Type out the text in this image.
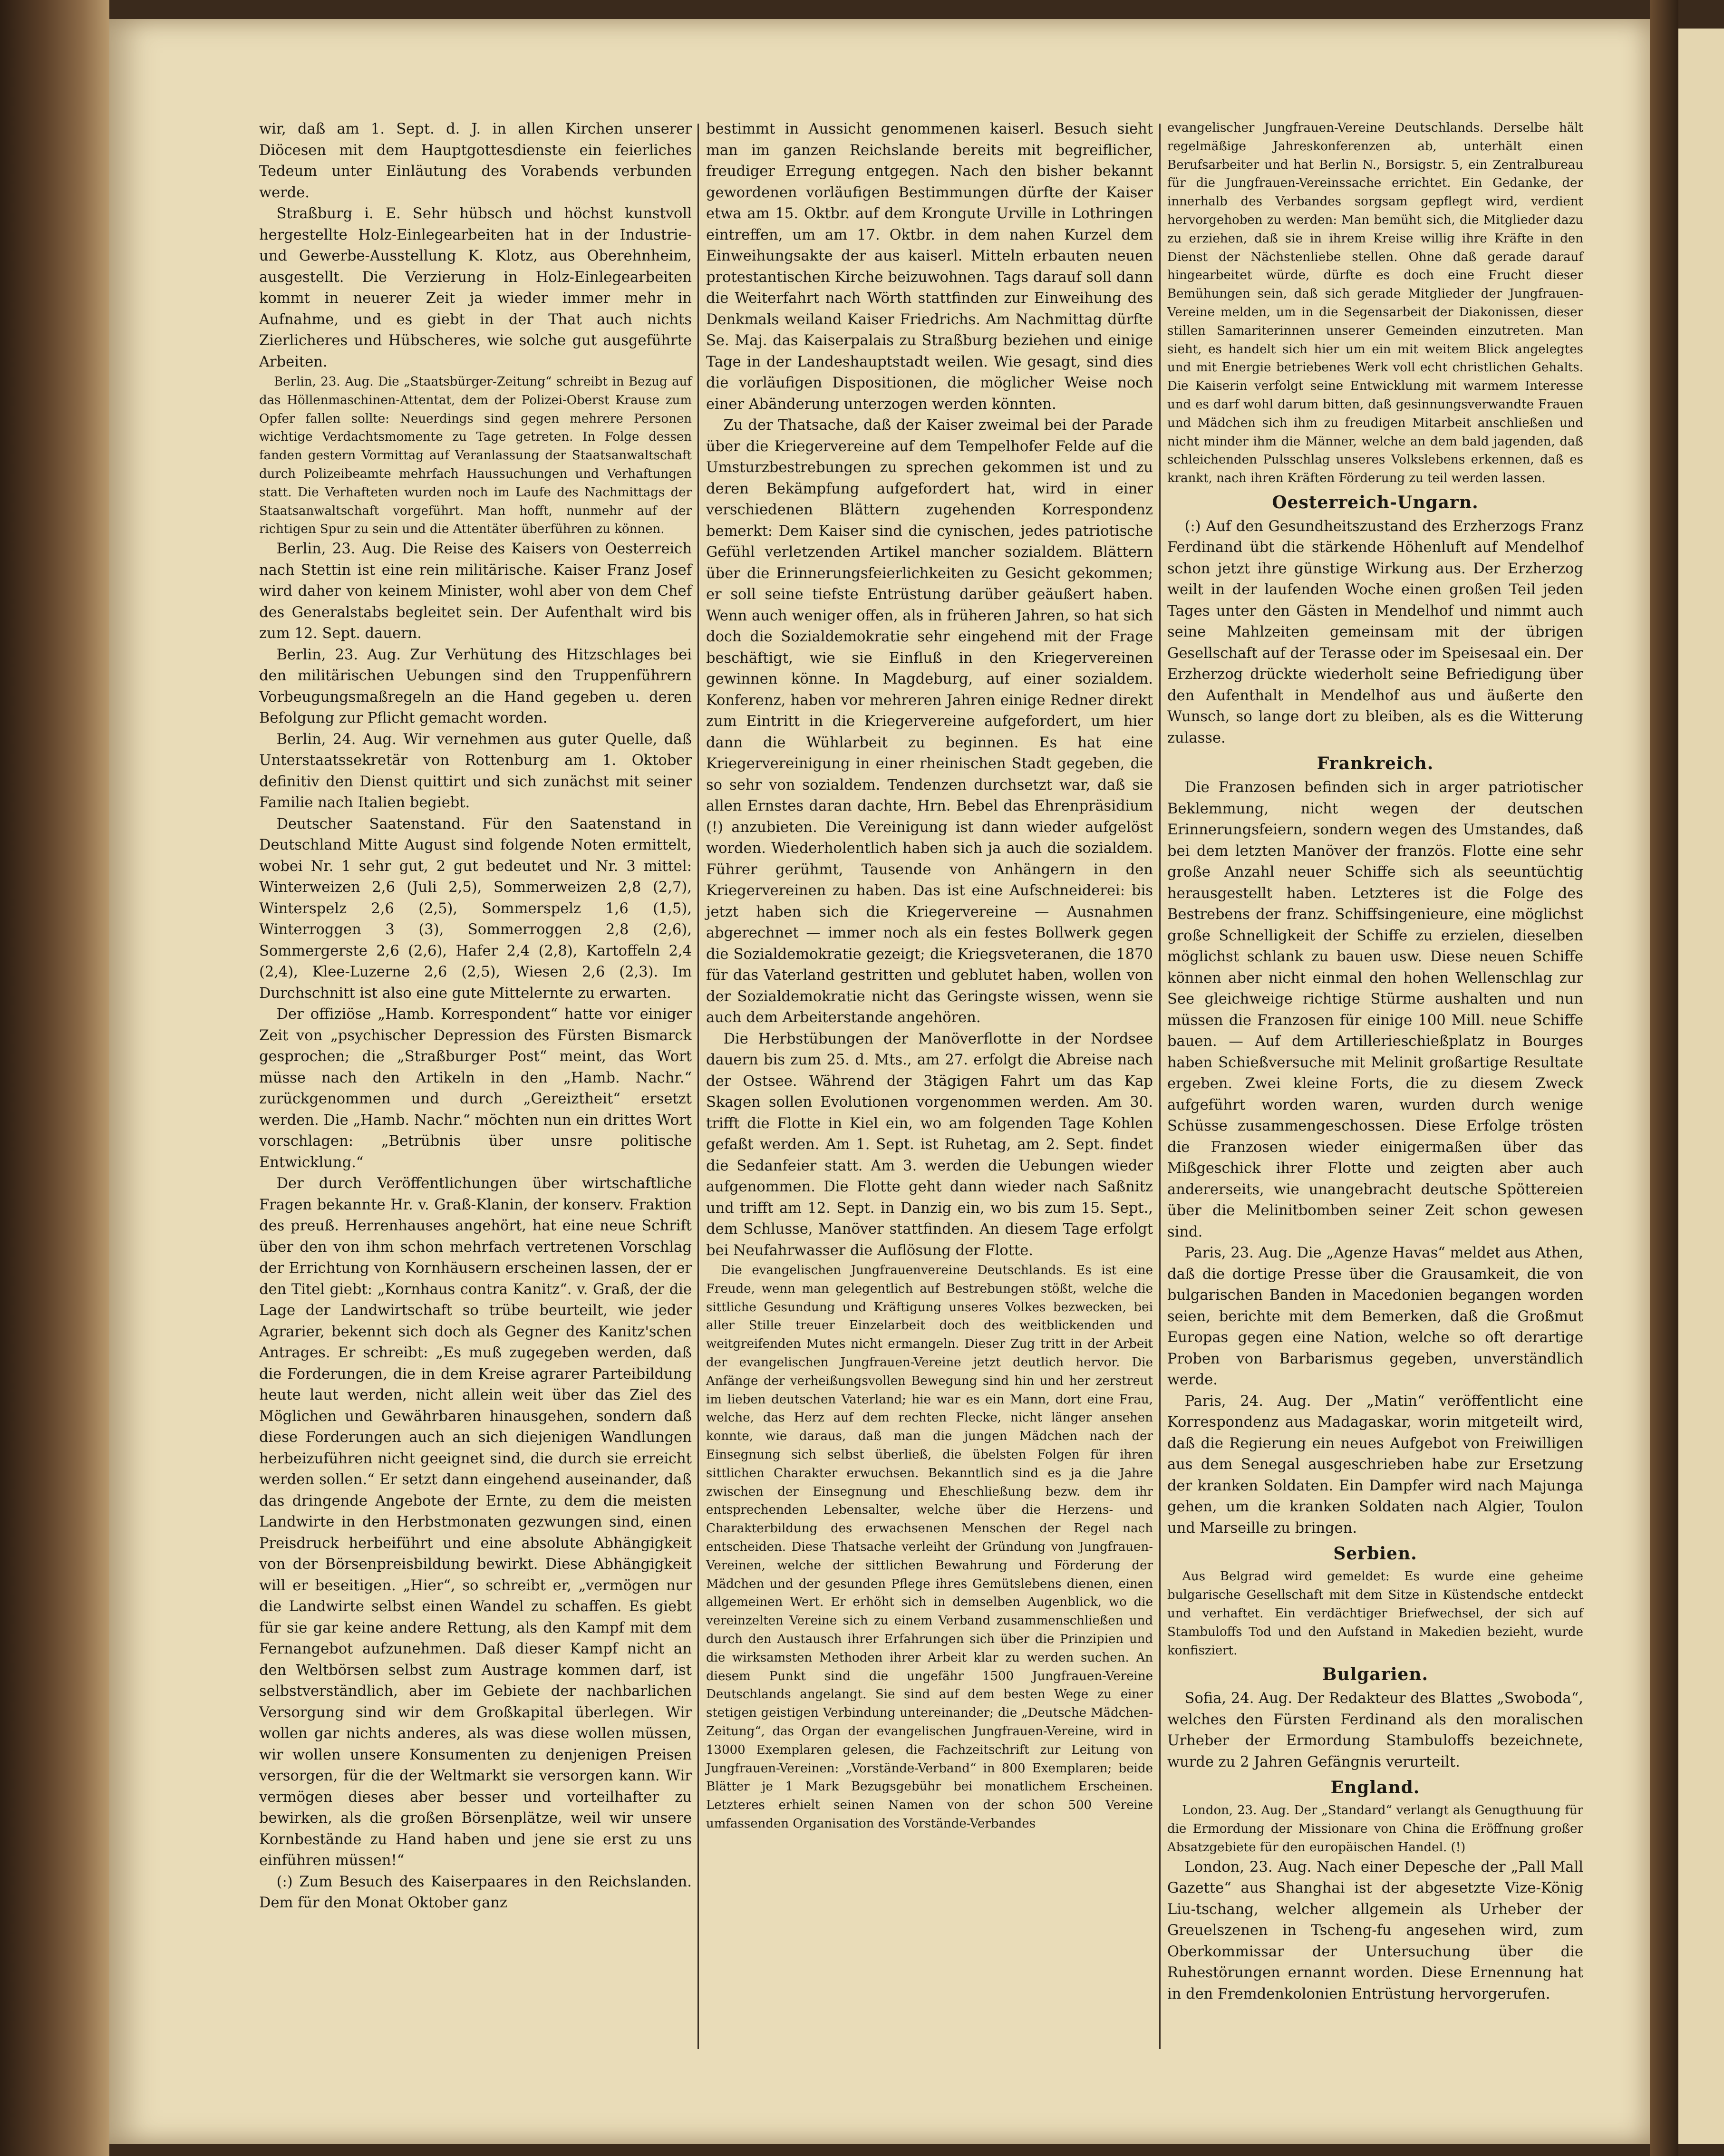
wir, daß am 1. Sept. d. J. in allen Kirchen unserer Diöcesen mit dem Hauptgottesdienste ein feierliches Tedeum unter Einläutung des Vorabends verbunden werde.

Straßburg i. E. Sehr hübsch und höchst kunstvoll hergestellte Holz-Einlegearbeiten hat in der Industrie- und Gewerbe-Ausstellung K. Klotz, aus Oberehnheim, ausgestellt. Die Verzierung in Holz-Einlegearbeiten kommt in neuerer Zeit ja wieder immer mehr in Aufnahme, und es giebt in der That auch nichts Zierlicheres und Hübscheres, wie solche gut ausgeführte Arbeiten.

Berlin, 23. Aug. Die „Staatsbürger-Zeitung“ schreibt in Bezug auf das Höllenmaschinen-Attentat, dem der Polizei-Oberst Krause zum Opfer fallen sollte: Neuerdings sind gegen mehrere Personen wichtige Verdachtsmomente zu Tage getreten. In Folge dessen fanden gestern Vormittag auf Veranlassung der Staatsanwaltschaft durch Polizeibeamte mehrfach Haussuchungen und Verhaftungen statt. Die Verhafteten wurden noch im Laufe des Nachmittags der Staatsanwaltschaft vorgeführt. Man hofft, nunmehr auf der richtigen Spur zu sein und die Attentäter überführen zu können.

Berlin, 23. Aug. Die Reise des Kaisers von Oesterreich nach Stettin ist eine rein militärische. Kaiser Franz Josef wird daher von keinem Minister, wohl aber von dem Chef des Generalstabs begleitet sein. Der Aufenthalt wird bis zum 12. Sept. dauern.

Berlin, 23. Aug. Zur Verhütung des Hitzschlages bei den militärischen Uebungen sind den Truppenführern Vorbeugungsmaßregeln an die Hand gegeben u. deren Befolgung zur Pflicht gemacht worden.

Berlin, 24. Aug. Wir vernehmen aus guter Quelle, daß Unterstaatssekretär von Rottenburg am 1. Oktober definitiv den Dienst quittirt und sich zunächst mit seiner Familie nach Italien begiebt.

Deutscher Saatenstand. Für den Saatenstand in Deutschland Mitte August sind folgende Noten ermittelt, wobei Nr. 1 sehr gut, 2 gut bedeutet und Nr. 3 mittel: Winterweizen 2,6 (Juli 2,5), Sommerweizen 2,8 (2,7), Winterspelz 2,6 (2,5), Sommerspelz 1,6 (1,5), Winterroggen 3 (3), Sommerroggen 2,8 (2,6), Sommergerste 2,6 (2,6), Hafer 2,4 (2,8), Kartoffeln 2,4 (2,4), Klee-Luzerne 2,6 (2,5), Wiesen 2,6 (2,3). Im Durchschnitt ist also eine gute Mittelernte zu erwarten.

Der offiziöse „Hamb. Korrespondent“ hatte vor einiger Zeit von „psychischer Depression des Fürsten Bismarck gesprochen; die „Straßburger Post“ meint, das Wort müsse nach den Artikeln in den „Hamb. Nachr.“ zurückgenommen und durch „Gereiztheit“ ersetzt werden. Die „Hamb. Nachr.“ möchten nun ein drittes Wort vorschlagen: „Betrübnis über unsre politische Entwicklung.“

Der durch Veröffentlichungen über wirtschaftliche Fragen bekannte Hr. v. Graß-Klanin, der konserv. Fraktion des preuß. Herrenhauses angehört, hat eine neue Schrift über den von ihm schon mehrfach vertretenen Vorschlag der Errichtung von Kornhäusern erscheinen lassen, der er den Titel giebt: „Kornhaus contra Kanitz“. v. Graß, der die Lage der Landwirtschaft so trübe beurteilt, wie jeder Agrarier, bekennt sich doch als Gegner des Kanitz'schen Antrages. Er schreibt: „Es muß zugegeben werden, daß die Forderungen, die in dem Kreise agrarer Parteibildung heute laut werden, nicht allein weit über das Ziel des Möglichen und Gewährbaren hinausgehen, sondern daß diese Forderungen auch an sich diejenigen Wandlungen herbeizuführen nicht geeignet sind, die durch sie erreicht werden sollen.“ Er setzt dann eingehend auseinander, daß das dringende Angebote der Ernte, zu dem die meisten Landwirte in den Herbstmonaten gezwungen sind, einen Preisdruck herbeiführt und eine absolute Abhängigkeit von der Börsenpreisbildung bewirkt. Diese Abhängigkeit will er beseitigen. „Hier“, so schreibt er, „vermögen nur die Landwirte selbst einen Wandel zu schaffen. Es giebt für sie gar keine andere Rettung, als den Kampf mit dem Fernangebot aufzunehmen. Daß dieser Kampf nicht an den Weltbörsen selbst zum Austrage kommen darf, ist selbstverständlich, aber im Gebiete der nachbarlichen Versorgung sind wir dem Großkapital überlegen. Wir wollen gar nichts anderes, als was diese wollen müssen, wir wollen unsere Konsumenten zu denjenigen Preisen versorgen, für die der Weltmarkt sie versorgen kann. Wir vermögen dieses aber besser und vorteilhafter zu bewirken, als die großen Börsenplätze, weil wir unsere Kornbestände zu Hand haben und jene sie erst zu uns einführen müssen!“

(:) Zum Besuch des Kaiserpaares in den Reichslanden. Dem für den Monat Oktober ganz

bestimmt in Aussicht genommenen kaiserl. Besuch sieht man im ganzen Reichslande bereits mit begreiflicher, freudiger Erregung entgegen. Nach den bisher bekannt gewordenen vorläufigen Bestimmungen dürfte der Kaiser etwa am 15. Oktbr. auf dem Krongute Urville in Lothringen eintreffen, um am 17. Oktbr. in dem nahen Kurzel dem Einweihungsakte der aus kaiserl. Mitteln erbauten neuen protestantischen Kirche beizuwohnen. Tags darauf soll dann die Weiterfahrt nach Wörth stattfinden zur Einweihung des Denkmals weiland Kaiser Friedrichs. Am Nachmittag dürfte Se. Maj. das Kaiserpalais zu Straßburg beziehen und einige Tage in der Landeshauptstadt weilen. Wie gesagt, sind dies die vorläufigen Dispositionen, die möglicher Weise noch einer Abänderung unterzogen werden könnten.

Zu der Thatsache, daß der Kaiser zweimal bei der Parade über die Kriegervereine auf dem Tempelhofer Felde auf die Umsturzbestrebungen zu sprechen gekommen ist und zu deren Bekämpfung aufgefordert hat, wird in einer verschiedenen Blättern zugehenden Korrespondenz bemerkt: Dem Kaiser sind die cynischen, jedes patriotische Gefühl verletzenden Artikel mancher sozialdem. Blättern über die Erinnerungsfeierlichkeiten zu Gesicht gekommen; er soll seine tiefste Entrüstung darüber geäußert haben. Wenn auch weniger offen, als in früheren Jahren, so hat sich doch die Sozialdemokratie sehr eingehend mit der Frage beschäftigt, wie sie Einfluß in den Kriegervereinen gewinnen könne. In Magdeburg, auf einer sozialdem. Konferenz, haben vor mehreren Jahren einige Redner direkt zum Eintritt in die Kriegervereine aufgefordert, um hier dann die Wühlarbeit zu beginnen. Es hat eine Kriegervereinigung in einer rheinischen Stadt gegeben, die so sehr von sozialdem. Tendenzen durchsetzt war, daß sie allen Ernstes daran dachte, Hrn. Bebel das Ehrenpräsidium (!) anzubieten. Die Vereinigung ist dann wieder aufgelöst worden. Wiederholentlich haben sich ja auch die sozialdem. Führer gerühmt, Tausende von Anhängern in den Kriegervereinen zu haben. Das ist eine Aufschneiderei: bis jetzt haben sich die Kriegervereine — Ausnahmen abgerechnet — immer noch als ein festes Bollwerk gegen die Sozialdemokratie gezeigt; die Kriegsveteranen, die 1870 für das Vaterland gestritten und geblutet haben, wollen von der Sozialdemokratie nicht das Geringste wissen, wenn sie auch dem Arbeiterstande angehören.

Die Herbstübungen der Manöverflotte in der Nordsee dauern bis zum 25. d. Mts., am 27. erfolgt die Abreise nach der Ostsee. Während der 3tägigen Fahrt um das Kap Skagen sollen Evolutionen vorgenommen werden. Am 30. trifft die Flotte in Kiel ein, wo am folgenden Tage Kohlen gefaßt werden. Am 1. Sept. ist Ruhetag, am 2. Sept. findet die Sedanfeier statt. Am 3. werden die Uebungen wieder aufgenommen. Die Flotte geht dann wieder nach Saßnitz und trifft am 12. Sept. in Danzig ein, wo bis zum 15. Sept., dem Schlusse, Manöver stattfinden. An diesem Tage erfolgt bei Neufahrwasser die Auflösung der Flotte.

Die evangelischen Jungfrauenvereine Deutschlands. Es ist eine Freude, wenn man gelegentlich auf Bestrebungen stößt, welche die sittliche Gesundung und Kräftigung unseres Volkes bezwecken, bei aller Stille treuer Einzelarbeit doch des weitblickenden und weitgreifenden Mutes nicht ermangeln. Dieser Zug tritt in der Arbeit der evangelischen Jungfrauen-Vereine jetzt deutlich hervor. Die Anfänge der verheißungsvollen Bewegung sind hin und her zerstreut im lieben deutschen Vaterland; hie war es ein Mann, dort eine Frau, welche, das Herz auf dem rechten Flecke, nicht länger ansehen konnte, wie daraus, daß man die jungen Mädchen nach der Einsegnung sich selbst überließ, die übelsten Folgen für ihren sittlichen Charakter erwuchsen. Bekanntlich sind es ja die Jahre zwischen der Einsegnung und Eheschließung bezw. dem ihr entsprechenden Lebensalter, welche über die Herzens- und Charakterbildung des erwachsenen Menschen der Regel nach entscheiden. Diese Thatsache verleiht der Gründung von Jungfrauen-Vereinen, welche der sittlichen Bewahrung und Förderung der Mädchen und der gesunden Pflege ihres Gemütslebens dienen, einen allgemeinen Wert. Er erhöht sich in demselben Augenblick, wo die vereinzelten Vereine sich zu einem Verband zusammenschließen und durch den Austausch ihrer Erfahrungen sich über die Prinzipien und die wirksamsten Methoden ihrer Arbeit klar zu werden suchen. An diesem Punkt sind die ungefähr 1500 Jungfrauen-Vereine Deutschlands angelangt. Sie sind auf dem besten Wege zu einer stetigen geistigen Verbindung untereinander; die „Deutsche Mädchen-Zeitung“, das Organ der evangelischen Jungfrauen-Vereine, wird in 13000 Exemplaren gelesen, die Fachzeitschrift zur Leitung von Jungfrauen-Vereinen: „Vorstände-Verband“ in 800 Exemplaren; beide Blätter je 1 Mark Bezugsgebühr bei monatlichem Erscheinen. Letzteres erhielt seinen Namen von der schon 500 Vereine umfassenden Organisation des Vorstände-Verbandes

evangelischer Jungfrauen-Vereine Deutschlands. Derselbe hält regelmäßige Jahreskonferenzen ab, unterhält einen Berufsarbeiter und hat Berlin N., Borsigstr. 5, ein Zentralbureau für die Jungfrauen-Vereinssache errichtet. Ein Gedanke, der innerhalb des Verbandes sorgsam gepflegt wird, verdient hervorgehoben zu werden: Man bemüht sich, die Mitglieder dazu zu erziehen, daß sie in ihrem Kreise willig ihre Kräfte in den Dienst der Nächstenliebe stellen. Ohne daß gerade darauf hingearbeitet würde, dürfte es doch eine Frucht dieser Bemühungen sein, daß sich gerade Mitglieder der Jungfrauen-Vereine melden, um in die Segensarbeit der Diakonissen, dieser stillen Samariterinnen unserer Gemeinden einzutreten. Man sieht, es handelt sich hier um ein mit weitem Blick angelegtes und mit Energie betriebenes Werk voll echt christlichen Gehalts. Die Kaiserin verfolgt seine Entwicklung mit warmem Interesse und es darf wohl darum bitten, daß gesinnungsverwandte Frauen und Mädchen sich ihm zu freudigen Mitarbeit anschließen und nicht minder ihm die Männer, welche an dem bald jagenden, daß schleichenden Pulsschlag unseres Volkslebens erkennen, daß es krankt, nach ihren Kräften Förderung zu teil werden lassen.

Oesterreich-Ungarn.

(:) Auf den Gesundheitszustand des Erzherzogs Franz Ferdinand übt die stärkende Höhenluft auf Mendelhof schon jetzt ihre günstige Wirkung aus. Der Erzherzog weilt in der laufenden Woche einen großen Teil jeden Tages unter den Gästen in Mendelhof und nimmt auch seine Mahlzeiten gemeinsam mit der übrigen Gesellschaft auf der Terasse oder im Speisesaal ein. Der Erzherzog drückte wiederholt seine Befriedigung über den Aufenthalt in Mendelhof aus und äußerte den Wunsch, so lange dort zu bleiben, als es die Witterung zulasse.

Frankreich.

Die Franzosen befinden sich in arger patriotischer Beklemmung, nicht wegen der deutschen Erinnerungsfeiern, sondern wegen des Umstandes, daß bei dem letzten Manöver der französ. Flotte eine sehr große Anzahl neuer Schiffe sich als seeuntüchtig herausgestellt haben. Letzteres ist die Folge des Bestrebens der franz. Schiffsingenieure, eine möglichst große Schnelligkeit der Schiffe zu erzielen, dieselben möglichst schlank zu bauen usw. Diese neuen Schiffe können aber nicht einmal den hohen Wellenschlag zur See gleichweige richtige Stürme aushalten und nun müssen die Franzosen für einige 100 Mill. neue Schiffe bauen. — Auf dem Artillerieschießplatz in Bourges haben Schießversuche mit Melinit großartige Resultate ergeben. Zwei kleine Forts, die zu diesem Zweck aufgeführt worden waren, wurden durch wenige Schüsse zusammengeschossen. Diese Erfolge trösten die Franzosen wieder einigermaßen über das Mißgeschick ihrer Flotte und zeigten aber auch andererseits, wie unangebracht deutsche Spöttereien über die Melinitbomben seiner Zeit schon gewesen sind.

Paris, 23. Aug. Die „Agenze Havas“ meldet aus Athen, daß die dortige Presse über die Grausamkeit, die von bulgarischen Banden in Macedonien begangen worden seien, berichte mit dem Bemerken, daß die Großmut Europas gegen eine Nation, welche so oft derartige Proben von Barbarismus gegeben, unverständlich werde.

Paris, 24. Aug. Der „Matin“ veröffentlicht eine Korrespondenz aus Madagaskar, worin mitgeteilt wird, daß die Regierung ein neues Aufgebot von Freiwilligen aus dem Senegal ausgeschrieben habe zur Ersetzung der kranken Soldaten. Ein Dampfer wird nach Majunga gehen, um die kranken Soldaten nach Algier, Toulon und Marseille zu bringen.

Serbien.

Aus Belgrad wird gemeldet: Es wurde eine geheime bulgarische Gesellschaft mit dem Sitze in Küstendsche entdeckt und verhaftet. Ein verdächtiger Briefwechsel, der sich auf Stambuloffs Tod und den Aufstand in Makedien bezieht, wurde konfisziert.

Bulgarien.

Sofia, 24. Aug. Der Redakteur des Blattes „Swoboda“, welches den Fürsten Ferdinand als den moralischen Urheber der Ermordung Stambuloffs bezeichnete, wurde zu 2 Jahren Gefängnis verurteilt.

England.

London, 23. Aug. Der „Standard“ verlangt als Genugthuung für die Ermordung der Missionare von China die Eröffnung großer Absatzgebiete für den europäischen Handel. (!)

London, 23. Aug. Nach einer Depesche der „Pall Mall Gazette“ aus Shanghai ist der abgesetzte Vize-König Liu-tschang, welcher allgemein als Urheber der Greuelszenen in Tscheng-fu angesehen wird, zum Oberkommissar der Untersuchung über die Ruhestörungen ernannt worden. Diese Ernennung hat in den Fremdenkolonien Entrüstung hervorgerufen.
